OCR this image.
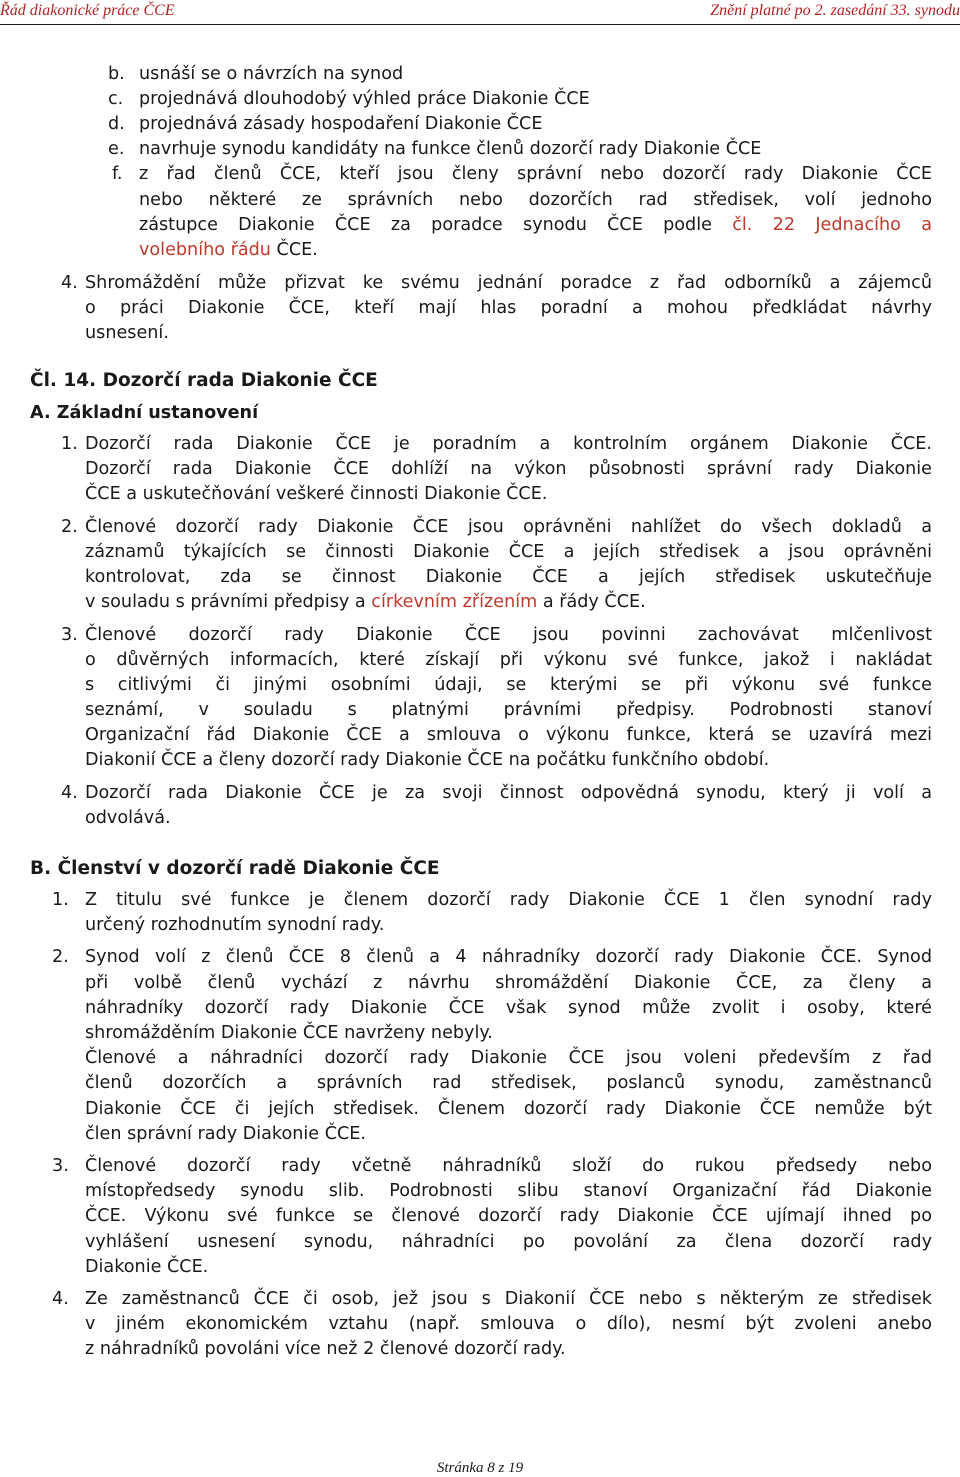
Řád diakonické práce ČCE	Znění platné po 2. zasedání 33. synodu
b. usnáší se o návrzích na synod
c. projednává dlouhodobý výhled práce Diakonie ČCE
d. projednává zásady hospodaření Diakonie ČCE
e. navrhuje synodu kandidáty na funkce členů dozorčí rady Diakonie ČCE
f. z řad členů ČCE, kteří jsou členy správní nebo dozorčí rady Diakonie ČCE
nebo některé ze správních nebo dozorčích rad středisek, volí jednoho
zástupce Diakonie ČCE za poradce synodu ČCE podle čl. 22 Jednacího a
volebního řádu ČCE.
4. Shromáždění může přizvat ke svému jednání poradce z řad odborníků a zájemců
o práci Diakonie ČCE, kteří mají hlas poradní a mohou předkládat návrhy
usnesení.
Čl. 14. Dozorčí rada Diakonie ČCE
A. Základní ustanovení
1. Dozorčí rada Diakonie ČCE je poradním a kontrolním orgánem Diakonie ČCE.
Dozorčí rada Diakonie ČCE dohlíží na výkon působnosti správní rady Diakonie
ČCE a uskutečňování veškeré činnosti Diakonie ČCE.
2. Členové dozorčí rady Diakonie ČCE jsou oprávněni nahlížet do všech dokladů a
záznamů týkajících se činnosti Diakonie ČCE a jejích středisek a jsou oprávněni
kontrolovat, zda se činnost Diakonie ČCE a jejích středisek uskutečňuje
v souladu s právními předpisy a církevním zřízením a řády ČCE.
3. Členové dozorčí rady Diakonie ČCE jsou povinni zachovávat mlčenlivost
o důvěrných informacích, které získají při výkonu své funkce, jakož i nakládat
s citlivými či jinými osobními údaji, se kterými se při výkonu své funkce
seznámí, v souladu s platnými právními předpisy. Podrobnosti stanoví
Organizační řád Diakonie ČCE a smlouva o výkonu funkce, která se uzavírá mezi
Diakonií ČCE a členy dozorčí rady Diakonie ČCE na počátku funkčního období.
4. Dozorčí rada Diakonie ČCE je za svoji činnost odpovědná synodu, který ji volí a
odvolává.
B. Členství v dozorčí radě Diakonie ČCE
1. Z titulu své funkce je členem dozorčí rady Diakonie ČCE 1 člen synodní rady
určený rozhodnutím synodní rady.
2. Synod volí z členů ČCE 8 členů a 4 náhradníky dozorčí rady Diakonie ČCE. Synod
při volbě členů vychází z návrhu shromáždění Diakonie ČCE, za členy a
náhradníky dozorčí rady Diakonie ČCE však synod může zvolit i osoby, které
shromážděním Diakonie ČCE navrženy nebyly.
Členové a náhradníci dozorčí rady Diakonie ČCE jsou voleni především z řad
členů dozorčích a správních rad středisek, poslanců synodu, zaměstnanců
Diakonie ČCE či jejích středisek. Členem dozorčí rady Diakonie ČCE nemůže být
člen správní rady Diakonie ČCE.
3. Členové dozorčí rady včetně náhradníků složí do rukou předsedy nebo
místopředsedy synodu slib. Podrobnosti slibu stanoví Organizační řád Diakonie
ČCE. Výkonu své funkce se členové dozorčí rady Diakonie ČCE ujímají ihned po
vyhlášení usnesení synodu, náhradníci po povolání za člena dozorčí rady
Diakonie ČCE.
4. Ze zaměstnanců ČCE či osob, jež jsou s Diakonií ČCE nebo s některým ze středisek
v jiném ekonomickém vztahu (např. smlouva o dílo), nesmí být zvoleni anebo
z náhradníků povoláni více než 2 členové dozorčí rady.
Stránka 8 z 19
